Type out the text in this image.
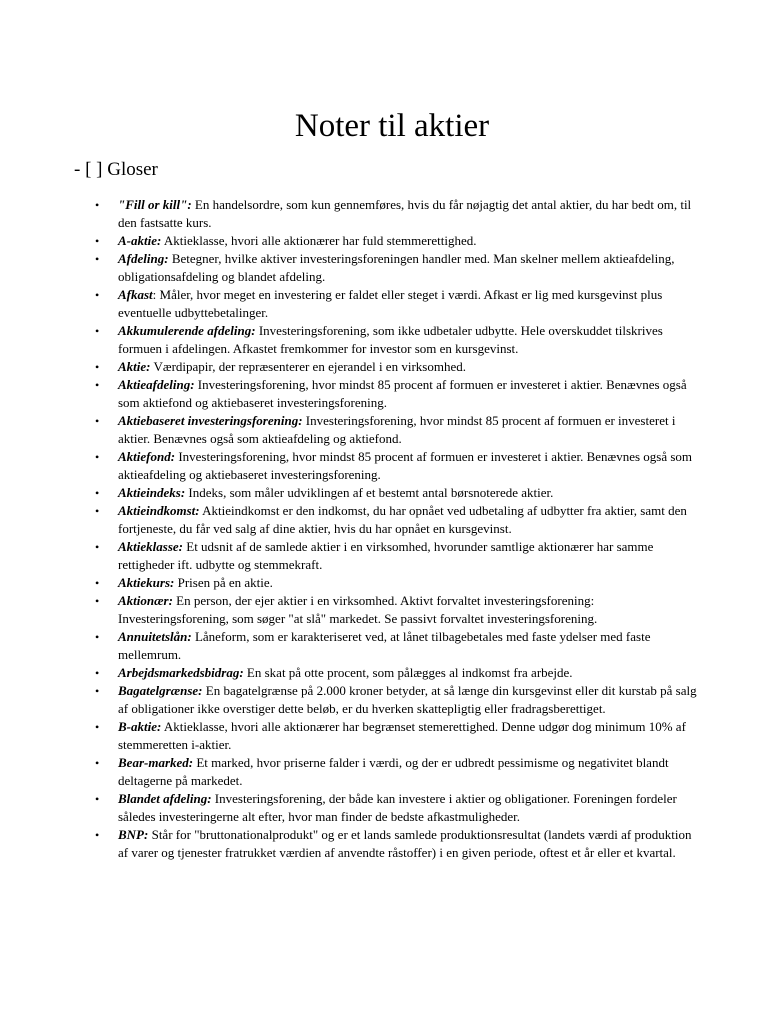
Noter til aktier
- [ ] Gloser
• "Fill or kill": En handelsordre, som kun gennemføres, hvis du får nøjagtig det antal aktier, du har bedt om, til den fastsatte kurs.
• A-aktie: Aktieklasse, hvori alle aktionærer har fuld stemmerettighed.
• Afdeling: Betegner, hvilke aktiver investeringsforeningen handler med. Man skelner mellem aktieafdeling, obligationsafdeling og blandet afdeling.
• Afkast: Måler, hvor meget en investering er faldet eller steget i værdi. Afkast er lig med kursgevinst plus eventuelle udbyttebetalinger.
• Akkumulerende afdeling: Investeringsforening, som ikke udbetaler udbytte. Hele overskuddet tilskrives formuen i afdelingen. Afkastet fremkommer for investor som en kursgevinst.
• Aktie: Værdipapir, der repræsenterer en ejerandel i en virksomhed.
• Aktieafdeling: Investeringsforening, hvor mindst 85 procent af formuen er investeret i aktier. Benævnes også som aktiefond og aktiebaseret investeringsforening.
• Aktiebaseret investeringsforening: Investeringsforening, hvor mindst 85 procent af formuen er investeret i aktier. Benævnes også som aktieafdeling og aktiefond.
• Aktiefond: Investeringsforening, hvor mindst 85 procent af formuen er investeret i aktier. Benævnes også som aktieafdeling og aktiebaseret investeringsforening.
• Aktieindeks: Indeks, som måler udviklingen af et bestemt antal børsnoterede aktier.
• Aktieindkomst: Aktieindkomst er den indkomst, du har opnået ved udbetaling af udbytter fra aktier, samt den fortjeneste, du får ved salg af dine aktier, hvis du har opnået en kursgevinst.
• Aktieklasse: Et udsnit af de samlede aktier i en virksomhed, hvorunder samtlige aktionærer har samme rettigheder ift. udbytte og stemmekraft.
• Aktiekurs: Prisen på en aktie.
• Aktionær: En person, der ejer aktier i en virksomhed. Aktivt forvaltet investeringsforening: Investeringsforening, som søger "at slå" markedet. Se passivt forvaltet investeringsforening.
• Annuitetslån: Låneform, som er karakteriseret ved, at lånet tilbagebetales med faste ydelser med faste mellemrum.
• Arbejdsmarkedsbidrag: En skat på otte procent, som pålægges al indkomst fra arbejde.
• Bagatelgrænse: En bagatelgrænse på 2.000 kroner betyder, at så længe din kursgevinst eller dit kurstab på salg af obligationer ikke overstiger dette beløb, er du hverken skattepligtig eller fradragsberettiget.
• B-aktie: Aktieklasse, hvori alle aktionærer har begrænset stemerettighed. Denne udgør dog minimum 10% af stemmeretten i-aktier.
• Bear-marked: Et marked, hvor priserne falder i værdi, og der er udbredt pessimisme og negativitet blandt deltagerne på markedet.
• Blandet afdeling: Investeringsforening, der både kan investere i aktier og obligationer. Foreningen fordeler således investeringerne alt efter, hvor man finder de bedste afkastmuligheder.
• BNP: Står for "bruttonationalprodukt" og er et lands samlede produktionsresultat (landets værdi af produktion af varer og tjenester fratrukket værdien af anvendte råstoffer) i en given periode, oftest et år eller et kvartal.
